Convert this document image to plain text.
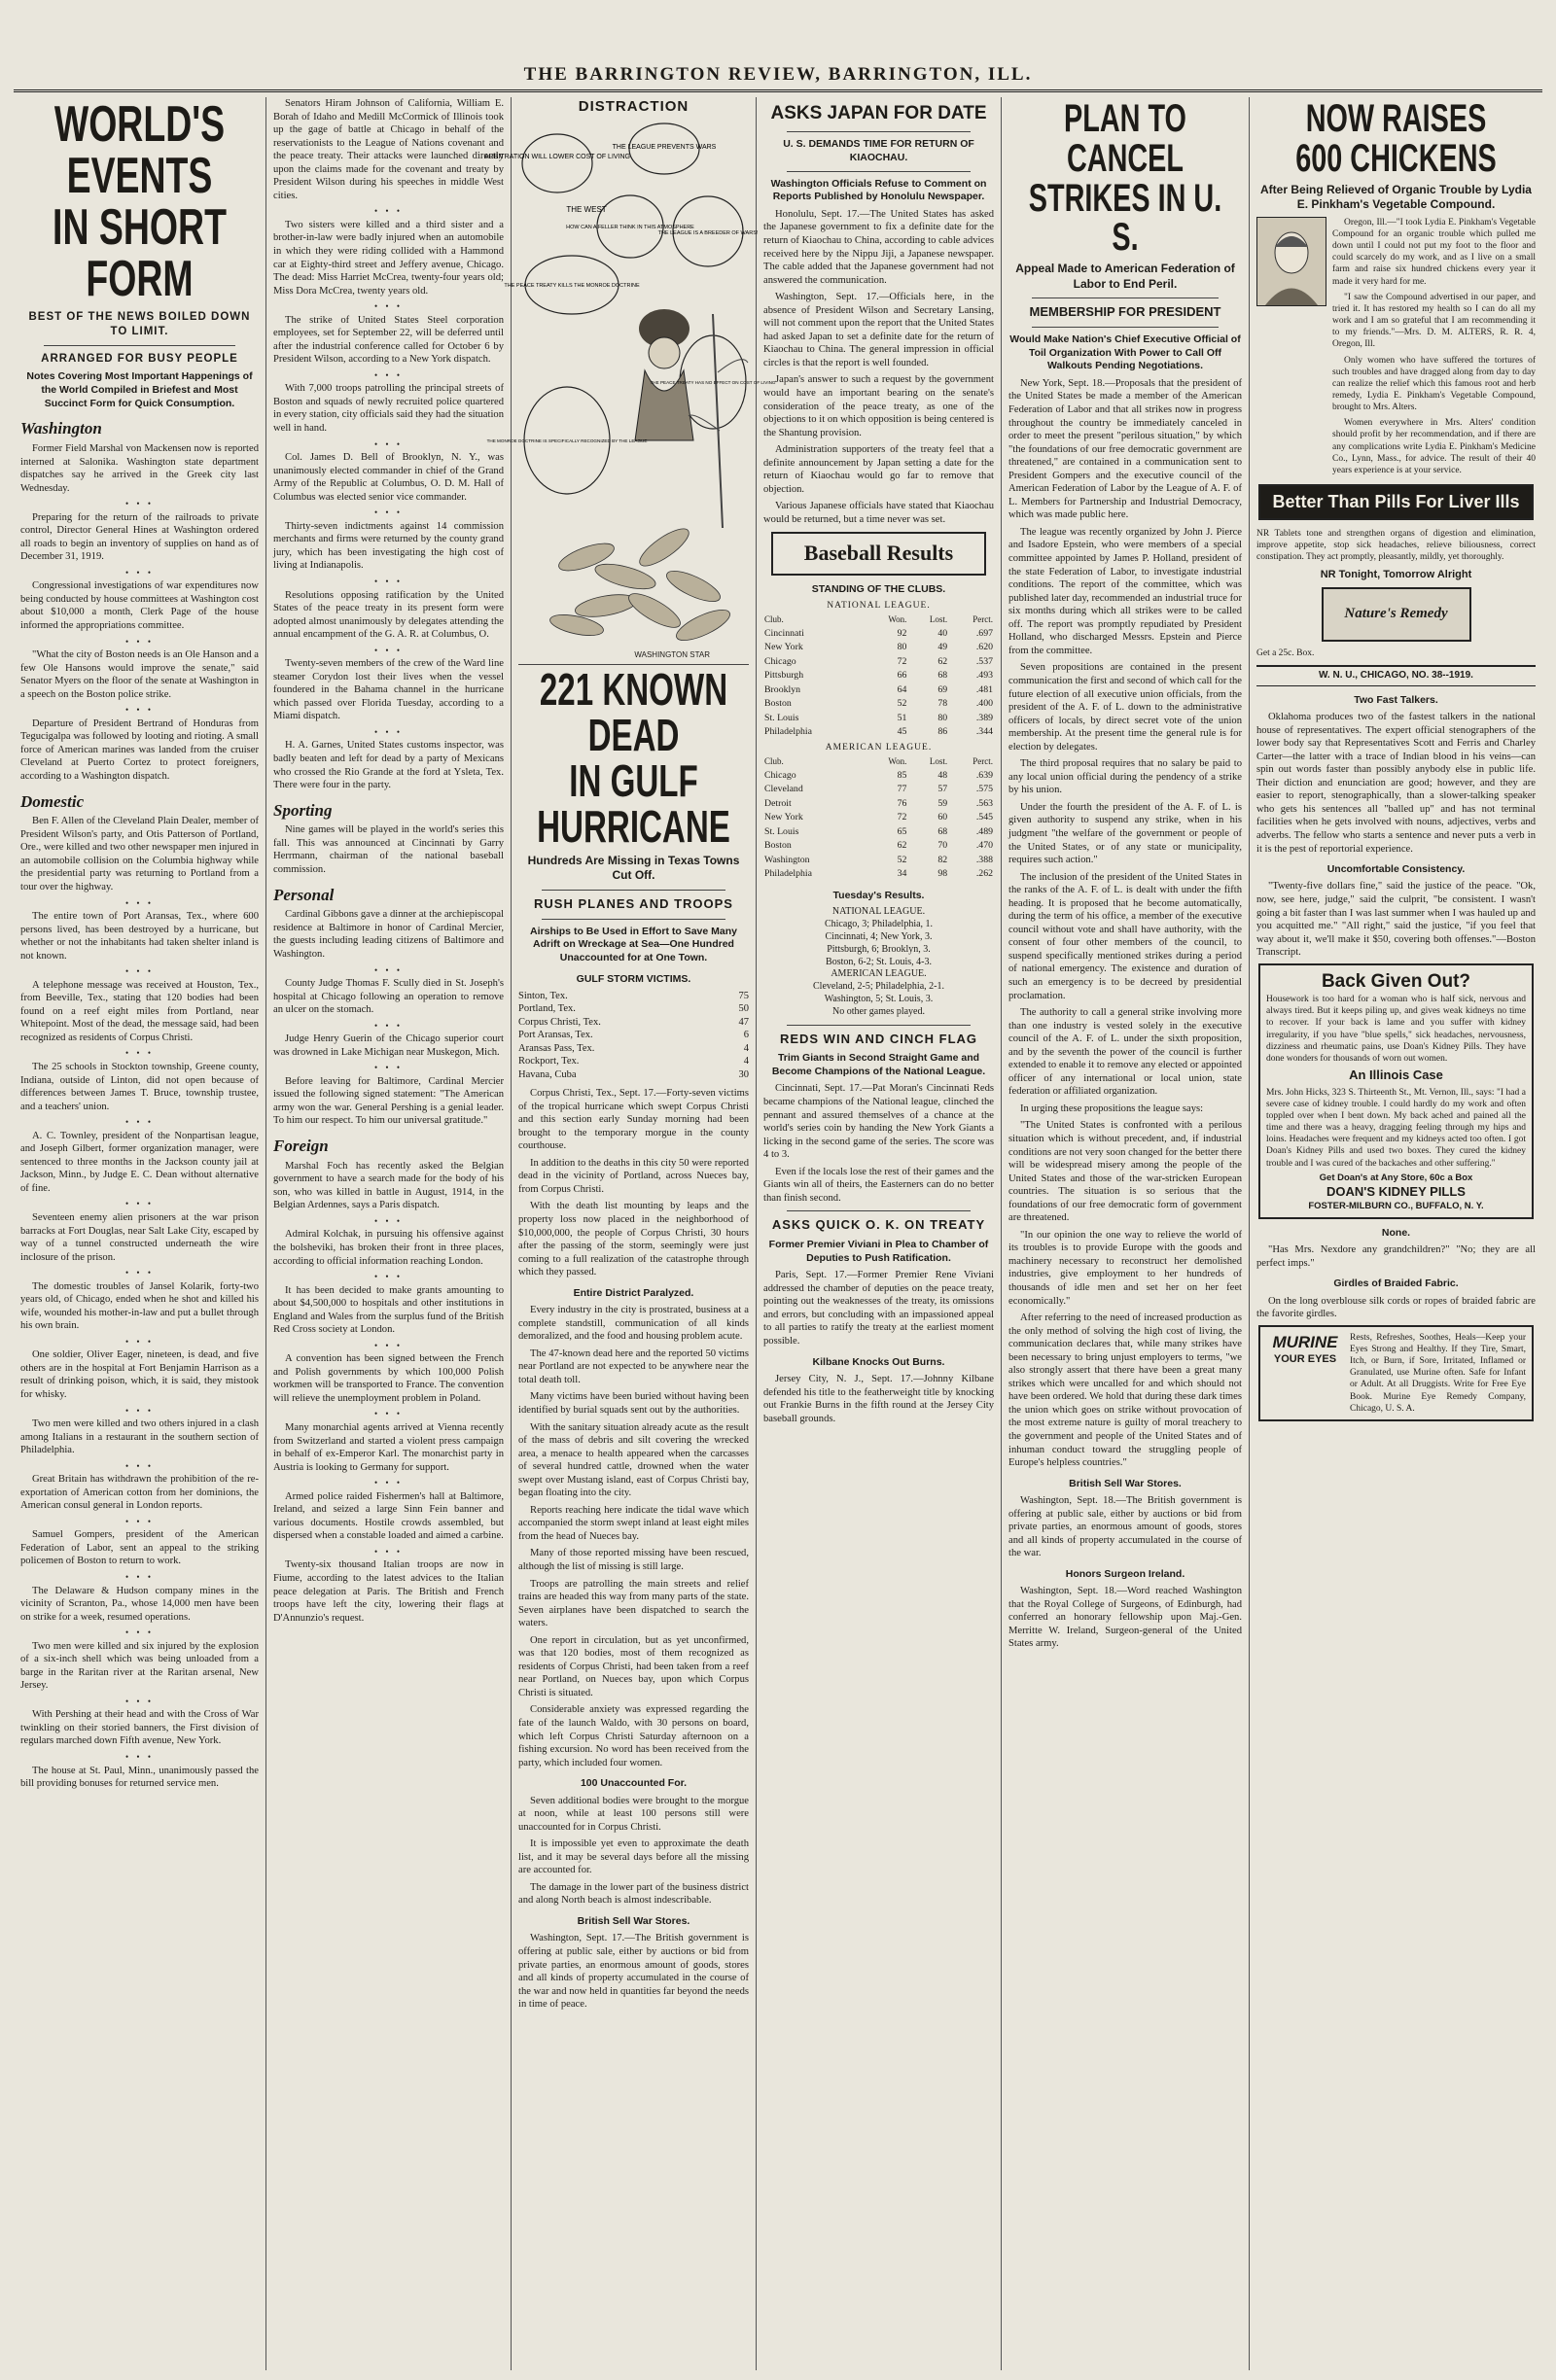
THE BARRINGTON REVIEW, BARRINGTON, ILL.
WORLD'S EVENTS
IN SHORT FORM
BEST OF THE NEWS BOILED DOWN TO LIMIT.
ARRANGED FOR BUSY PEOPLE
Notes Covering Most Important Happenings of the World Compiled in Briefest and Most Succinct Form for Quick Consumption.
Washington
Former Field Marshal von Mackensen now is reported interned at Salonika. Washington state department dispatches say he arrived in the Greek city last Wednesday.
• • •
Preparing for the return of the railroads to private control, Director General Hines at Washington ordered all roads to begin an inventory of supplies on hand as of December 31, 1919.
• • •
Congressional investigations of war expenditures now being conducted by house committees at Washington cost about $10,000 a month, Clerk Page of the house informed the appropriations committee.
• • •
"What the city of Boston needs is an Ole Hanson and a few Ole Hansons would improve the senate," said Senator Myers on the floor of the senate at Washington in a speech on the Boston police strike.
• • •
Departure of President Bertrand of Honduras from Tegucigalpa was followed by looting and rioting. A small force of American marines was landed from the cruiser Cleveland at Puerto Cortez to protect foreigners, according to a Washington dispatch.
Domestic
Ben F. Allen of the Cleveland Plain Dealer, member of President Wilson's party, and Otis Patterson of Portland, Ore., were killed and two other newspaper men injured in an automobile collision on the Columbia highway while the presidential party was returning to Portland from a tour over the highway.
• • •
The entire town of Port Aransas, Tex., where 600 persons lived, has been destroyed by a hurricane, but whether or not the inhabitants had taken shelter inland is not known.
• • •
A telephone message was received at Houston, Tex., from Beeville, Tex., stating that 120 bodies had been found on a reef eight miles from Portland, near Whitepoint. Most of the dead, the message said, had been recognized as residents of Corpus Christi.
• • •
The 25 schools in Stockton township, Greene county, Indiana, outside of Linton, did not open because of differences between James T. Bruce, township trustee, and a teachers' union.
• • •
A. C. Townley, president of the Nonpartisan league, and Joseph Gilbert, former organization manager, were sentenced to three months in the Jackson county jail at Jackson, Minn., by Judge E. C. Dean without alternative of fine.
• • •
Seventeen enemy alien prisoners at the war prison barracks at Fort Douglas, near Salt Lake City, escaped by way of a tunnel constructed underneath the wire inclosure of the prison.
• • •
The domestic troubles of Jansel Kolarik, forty-two years old, of Chicago, ended when he shot and killed his wife, wounded his mother-in-law and put a bullet through his own brain.
• • •
One soldier, Oliver Eager, nineteen, is dead, and five others are in the hospital at Fort Benjamin Harrison as a result of drinking poison, which, it is said, they mistook for whisky.
• • •
Two men were killed and two others injured in a clash among Italians in a restaurant in the southern section of Philadelphia.
• • •
Great Britain has withdrawn the prohibition of the re-exportation of American cotton from her dominions, the American consul general in London reports.
• • •
Samuel Gompers, president of the American Federation of Labor, sent an appeal to the striking policemen of Boston to return to work.
• • •
The Delaware & Hudson company mines in the vicinity of Scranton, Pa., whose 14,000 men have been on strike for a week, resumed operations.
• • •
Two men were killed and six injured by the explosion of a six-inch shell which was being unloaded from a barge in the Raritan river at the Raritan arsenal, New Jersey.
• • •
With Pershing at their head and with the Cross of War twinkling on their storied banners, the First division of regulars marched down Fifth avenue, New York.
• • •
The house at St. Paul, Minn., unanimously passed the bill providing bonuses for returned service men.
Senators Hiram Johnson of California, William E. Borah of Idaho and Medill McCormick of Illinois took up the gage of battle at Chicago in behalf of the reservationists to the League of Nations covenant and the peace treaty. Their attacks were launched directly upon the claims made for the covenant and treaty by President Wilson during his speeches in middle West cities.
• • •
Two sisters were killed and a third sister and a brother-in-law were badly injured when an automobile in which they were riding collided with a Hammond car at Eighty-third street and Jeffery avenue, Chicago. The dead: Miss Harriet McCrea, twenty-four years old; Miss Dora McCrea, twenty years old.
• • •
The strike of United States Steel corporation employees, set for September 22, will be deferred until after the industrial conference called for October 6 by President Wilson, according to a New York dispatch.
• • •
With 7,000 troops patrolling the principal streets of Boston and squads of newly recruited police quartered in every station, city officials said they had the situation well in hand.
• • •
Col. James D. Bell of Brooklyn, N. Y., was unanimously elected commander in chief of the Grand Army of the Republic at Columbus, O. D. M. Hall of Columbus was elected senior vice commander.
• • •
Thirty-seven indictments against 14 commission merchants and firms were returned by the county grand jury, which has been investigating the high cost of living at Indianapolis.
• • •
Resolutions opposing ratification by the United States of the peace treaty in its present form were adopted almost unanimously by delegates attending the annual encampment of the G. A. R. at Columbus, O.
• • •
Twenty-seven members of the crew of the Ward line steamer Corydon lost their lives when the vessel foundered in the Bahama channel in the hurricane which passed over Florida Tuesday, according to a Miami dispatch.
• • •
H. A. Garnes, United States customs inspector, was badly beaten and left for dead by a party of Mexicans who crossed the Rio Grande at the ford at Ysleta, Tex. There were four in the party.
Sporting
Nine games will be played in the world's series this fall. This was announced at Cincinnati by Garry Herrmann, chairman of the national baseball commission.
Personal
Cardinal Gibbons gave a dinner at the archiepiscopal residence at Baltimore in honor of Cardinal Mercier, the guests including leading citizens of Baltimore and Washington.
• • •
County Judge Thomas F. Scully died in St. Joseph's hospital at Chicago following an operation to remove an ulcer on the stomach.
• • •
Judge Henry Guerin of the Chicago superior court was drowned in Lake Michigan near Muskegon, Mich.
• • •
Before leaving for Baltimore, Cardinal Mercier issued the following signed statement: "The American army won the war. General Pershing is a genial leader. To him our respect. To him our universal gratitude."
Foreign
Marshal Foch has recently asked the Belgian government to have a search made for the body of his son, who was killed in battle in August, 1914, in the Belgian Ardennes, says a Paris dispatch.
• • •
Admiral Kolchak, in pursuing his offensive against the bolsheviki, has broken their front in three places, according to official information reaching London.
• • •
It has been decided to make grants amounting to about $4,500,000 to hospitals and other institutions in England and Wales from the surplus fund of the British Red Cross society at London.
• • •
A convention has been signed between the French and Polish governments by which 100,000 Polish workmen will be transported to France. The convention will relieve the unemployment problem in Poland.
• • •
Many monarchial agents arrived at Vienna recently from Switzerland and started a violent press campaign in behalf of ex-Emperor Karl. The monarchist party in Austria is looking to Germany for support.
• • •
Armed police raided Fishermen's hall at Baltimore, Ireland, and seized a large Sinn Fein banner and various documents. Hostile crowds assembled, but dispersed when a constable loaded and aimed a carbine.
• • •
Twenty-six thousand Italian troops are now in Fiume, according to the latest advices to the Italian peace delegation at Paris. The British and French troops have left the city, lowering their flags at D'Annunzio's request.
DISTRACTION
ARBITRATION WILL LOWER COST OF LIVING
THE LEAGUE PREVENTS WARS
THE WEST
HOW CAN A FELLER THINK IN THIS ATMOSPHERE
THE LEAGUE IS A BREEDER OF WARS!
THE PEACE TREATY KILLS THE MONROE DOCTRINE
THE MONROE DOCTRINE IS SPECIFICALLY RECOGNIZED BY THE LEAGUE
THE PEACE TREATY HAS NO EFFECT ON COST OF LIVING
WASHINGTON STAR
221 KNOWN DEAD
IN GULF HURRICANE
Hundreds Are Missing in Texas Towns Cut Off.
RUSH PLANES AND TROOPS
Airships to Be Used in Effort to Save Many Adrift on Wreckage at Sea—One Hundred Unaccounted for at One Town.
GULF STORM VICTIMS.
Sinton, Tex.	75
Portland, Tex.	50
Corpus Christi, Tex.	47
Port Aransas, Tex.	6
Aransas Pass, Tex.	4
Rockport, Tex.	4
Havana, Cuba	30
Corpus Christi, Tex., Sept. 17.—Forty-seven victims of the tropical hurricane which swept Corpus Christi and this section early Sunday morning had been brought to the temporary morgue in the county courthouse.
In addition to the deaths in this city 50 were reported dead in the vicinity of Portland, across Nueces bay, from Corpus Christi.
With the death list mounting by leaps and the property loss now placed in the neighborhood of $10,000,000, the people of Corpus Christi, 30 hours after the passing of the storm, seemingly were just coming to a full realization of the catastrophe through which they passed.
Entire District Paralyzed.
Every industry in the city is prostrated, business at a complete standstill, communication of all kinds demoralized, and the food and housing problem acute.
The 47-known dead here and the reported 50 victims near Portland are not expected to be anywhere near the total death toll.
Many victims have been buried without having been identified by burial squads sent out by the authorities.
With the sanitary situation already acute as the result of the mass of debris and silt covering the wrecked area, a menace to health appeared when the carcasses of several hundred cattle, drowned when the water swept over Mustang island, east of Corpus Christi bay, began floating into the city.
Reports reaching here indicate the tidal wave which accompanied the storm swept inland at least eight miles from the head of Nueces bay.
Many of those reported missing have been rescued, although the list of missing is still large.
Troops are patrolling the main streets and relief trains are headed this way from many parts of the state. Seven airplanes have been dispatched to search the waters.
One report in circulation, but as yet unconfirmed, was that 120 bodies, most of them recognized as residents of Corpus Christi, had been taken from a reef near Portland, on Nueces bay, upon which Corpus Christi is situated.
Considerable anxiety was expressed regarding the fate of the launch Waldo, with 30 persons on board, which left Corpus Christi Saturday afternoon on a fishing excursion. No word has been received from the party, which included four women.
100 Unaccounted For.
Seven additional bodies were brought to the morgue at noon, while at least 100 persons still were unaccounted for in Corpus Christi.
It is impossible yet even to approximate the death list, and it may be several days before all the missing are accounted for.
The damage in the lower part of the business district and along North beach is almost indescribable.
British Sell War Stores.
Washington, Sept. 17.—The British government is offering at public sale, either by auctions or bid from private parties, an enormous amount of goods, stores and all kinds of property accumulated in the course of the war and now held in quantities far beyond the needs in time of peace.
ASKS JAPAN FOR DATE
U. S. DEMANDS TIME FOR RETURN OF KIAOCHAU.
Washington Officials Refuse to Comment on Reports Published by Honolulu Newspaper.
Honolulu, Sept. 17.—The United States has asked the Japanese government to fix a definite date for the return of Kiaochau to China, according to cable advices received here by the Nippu Jiji, a Japanese newspaper. The cable added that the Japanese government had not answered the communication.
Washington, Sept. 17.—Officials here, in the absence of President Wilson and Secretary Lansing, will not comment upon the report that the United States had asked Japan to set a definite date for the return of Kiaochau to China. The general impression in official circles is that the report is well founded.
Japan's answer to such a request by the government would have an important bearing on the senate's consideration of the peace treaty, as one of the objections to it on which opposition is being centered is the Shantung provision.
Administration supporters of the treaty feel that a definite announcement by Japan setting a date for the return of Kiaochau would go far to remove that objection.
Various Japanese officials have stated that Kiaochau would be returned, but a time never was set.
Baseball Results
STANDING OF THE CLUBS.
NATIONAL LEAGUE.
Club.	Won.	Lost.	Perct.
Cincinnati	92	40	.697
New York	80	49	.620
Chicago	72	62	.537
Pittsburgh	66	68	.493
Brooklyn	64	69	.481
Boston	52	78	.400
St. Louis	51	80	.389
Philadelphia	45	86	.344
AMERICAN LEAGUE.
Club.	Won.	Lost.	Perct.
Chicago	85	48	.639
Cleveland	77	57	.575
Detroit	76	59	.563
New York	72	60	.545
St. Louis	65	68	.489
Boston	62	70	.470
Washington	52	82	.388
Philadelphia	34	98	.262
Tuesday's Results.
NATIONAL LEAGUE.
Chicago, 3; Philadelphia, 1.
Cincinnati, 4; New York, 3.
Pittsburgh, 6; Brooklyn, 3.
Boston, 6-2; St. Louis, 4-3.
AMERICAN LEAGUE.
Cleveland, 2-5; Philadelphia, 2-1.
Washington, 5; St. Louis, 3.
No other games played.
REDS WIN AND CINCH FLAG
Trim Giants in Second Straight Game and Become Champions of the National League.
Cincinnati, Sept. 17.—Pat Moran's Cincinnati Reds became champions of the National league, clinched the pennant and assured themselves of a chance at the world's series coin by handing the New York Giants a licking in the second game of the series. The score was 4 to 3.
Even if the locals lose the rest of their games and the Giants win all of theirs, the Easterners can do no better than finish second.
ASKS QUICK O. K. ON TREATY
Former Premier Viviani in Plea to Chamber of Deputies to Push Ratification.
Paris, Sept. 17.—Former Premier Rene Viviani addressed the chamber of deputies on the peace treaty, pointing out the weaknesses of the treaty, its omissions and errors, but concluding with an impassioned appeal to all parties to ratify the treaty at the earliest moment possible.
Kilbane Knocks Out Burns.
Jersey City, N. J., Sept. 17.—Johnny Kilbane defended his title to the featherweight title by knocking out Frankie Burns in the fifth round at the Jersey City baseball grounds.
PLAN TO CANCEL
STRIKES IN U. S.
Appeal Made to American Federation of Labor to End Peril.
MEMBERSHIP FOR PRESIDENT
Would Make Nation's Chief Executive Official of Toil Organization With Power to Call Off Walkouts Pending Negotiations.
New York, Sept. 18.—Proposals that the president of the United States be made a member of the American Federation of Labor and that all strikes now in progress throughout the country be immediately canceled in order to meet the present "perilous situation," by which "the foundations of our free democratic government are threatened," are contained in a communication sent to President Gompers and the executive council of the American Federation of Labor by the League of A. F. of L. Members for Partnership and Industrial Democracy, which was made public here.
The league was recently organized by John J. Pierce and Isadore Epstein, who were members of a special committee appointed by James P. Holland, president of the state Federation of Labor, to investigate industrial conditions. The report of the committee, which was published later day, recommended an industrial truce for six months during which all strikes were to be called off. The report was promptly repudiated by President Holland, who discharged Messrs. Epstein and Pierce from the committee.
Seven propositions are contained in the present communication the first and second of which call for the future election of all executive union officials, from the president of the A. F. of L. down to the administrative officers of locals, by direct secret vote of the union membership. At the present time the general rule is for election by delegates.
The third proposal requires that no salary be paid to any local union official during the pendency of a strike by his union.
Under the fourth the president of the A. F. of L. is given authority to suspend any strike, when in his judgment "the welfare of the government or people of the United States, or of any state or municipality, requires such action."
The inclusion of the president of the United States in the ranks of the A. F. of L. is dealt with under the fifth heading. It is proposed that he become automatically, during the term of his office, a member of the executive council without vote and shall have authority, with the consent of four other members of the council, to suspend specifically mentioned strikes during a period of national emergency. The existence and duration of such an emergency is to be decreed by presidential proclamation.
The authority to call a general strike involving more than one industry is vested solely in the executive council of the A. F. of L. under the sixth proposition, and by the seventh the power of the council is further extended to enable it to remove any elected or appointed officer of any international or local union, state federation or affiliated organization.
In urging these propositions the league says:
"The United States is confronted with a perilous situation which is without precedent, and, if industrial conditions are not very soon changed for the better there will be widespread misery among the people of the United States and those of the war-stricken European countries. The situation is so serious that the foundations of our free democratic form of government are threatened.
"In our opinion the one way to relieve the world of its troubles is to provide Europe with the goods and machinery necessary to reconstruct her demolished industries, give employment to her hundreds of thousands of idle men and set her on her feet economically."
After referring to the need of increased production as the only method of solving the high cost of living, the communication declares that, while many strikes have been necessary to bring unjust employers to terms, "we also strongly assert that there have been a great many strikes which were uncalled for and which should not have been ordered. We hold that during these dark times the union which goes on strike without provocation of the most extreme nature is guilty of moral treachery to the government and people of the United States and of inhuman conduct toward the struggling people of Europe's helpless countries."
British Sell War Stores.
Washington, Sept. 18.—The British government is offering at public sale, either by auctions or bid from private parties, an enormous amount of goods, stores and all kinds of property accumulated in the course of the war.
Honors Surgeon Ireland.
Washington, Sept. 18.—Word reached Washington that the Royal College of Surgeons, of Edinburgh, had conferred an honorary fellowship upon Maj.-Gen. Merritte W. Ireland, Surgeon-general of the United States army.
NOW RAISES
600 CHICKENS
After Being Relieved of Organic Trouble by Lydia E. Pinkham's Vegetable Compound.
Oregon, Ill.—"I took Lydia E. Pinkham's Vegetable Compound for an organic trouble which pulled me down until I could not put my foot to the floor and could scarcely do my work, and as I live on a small farm and raise six hundred chickens every year it made it very hard for me.
"I saw the Compound advertised in our paper, and tried it. It has restored my health so I can do all my work and I am so grateful that I am recommending it to my friends."—Mrs. D. M. ALTERS, R. R. 4, Oregon, Ill.
Only women who have suffered the tortures of such troubles and have dragged along from day to day can realize the relief which this famous root and herb remedy, Lydia E. Pinkham's Vegetable Compound, brought to Mrs. Alters.
Women everywhere in Mrs. Alters' condition should profit by her recommendation, and if there are any complications write Lydia E. Pinkham's Medicine Co., Lynn, Mass., for advice. The result of their 40 years experience is at your service.
Better Than Pills For Liver Ills
NR Tablets tone and strengthen organs of digestion and elimination, improve appetite, stop sick headaches, relieve biliousness, correct constipation. They act promptly, pleasantly, mildly, yet thoroughly.
NR Tonight, Tomorrow Alright
Nature's Remedy
Get a 25c. Box.
W. N. U., CHICAGO, NO. 38--1919.
Two Fast Talkers.
Oklahoma produces two of the fastest talkers in the national house of representatives. The expert official stenographers of the lower body say that Representatives Scott and Ferris and Charley Carter—the latter with a trace of Indian blood in his veins—can spin out words faster than possibly anybody else in public life. Their diction and enunciation are good; however, and they are easier to report, stenographically, than a slower-talking speaker who gets his sentences all "balled up" and has not terminal facilities when he gets involved with nouns, adjectives, verbs and adverbs. The fellow who starts a sentence and never puts a verb in it is the pest of reportorial experience.
Uncomfortable Consistency.
"Twenty-five dollars fine," said the justice of the peace. "Ok, now, see here, judge," said the culprit, "be consistent. I wasn't going a bit faster than I was last summer when I was hauled up and you acquitted me." "All right," said the justice, "if you feel that way about it, we'll make it $50, covering both offenses."—Boston Transcript.
Back Given Out?
Housework is too hard for a woman who is half sick, nervous and always tired. But it keeps piling up, and gives weak kidneys no time to recover. If your back is lame and you suffer with kidney irregularity, if you have "blue spells," sick headaches, nervousness, dizziness and rheumatic pains, use Doan's Kidney Pills. They have done wonders for thousands of worn out women.
An Illinois Case
Mrs. John Hicks, 323 S. Thirteenth St., Mt. Vernon, Ill., says: "I had a severe case of kidney trouble. I could hardly do my work and often toppled over when I bent down. My back ached and pained all the time and there was a heavy, dragging feeling through my hips and loins. Headaches were frequent and my kidneys acted too often. I got Doan's Kidney Pills and used two boxes. They cured the kidney trouble and I was cured of the backaches and other suffering."
Get Doan's at Any Store, 60c a Box
DOAN'S KIDNEY PILLS
FOSTER-MILBURN CO., BUFFALO, N. Y.
None.
"Has Mrs. Nexdore any grandchildren?" "No; they are all perfect imps."
Girdles of Braided Fabric.
On the long overblouse silk cords or ropes of braided fabric are the favorite girdles.
MURINE
YOUR EYES
Rests, Refreshes, Soothes, Heals—Keep your Eyes Strong and Healthy. If they Tire, Smart, Itch, or Burn, if Sore, Irritated, Inflamed or Granulated, use Murine often. Safe for Infant or Adult. At all Druggists. Write for Free Eye Book. Murine Eye Remedy Company, Chicago, U. S. A.
